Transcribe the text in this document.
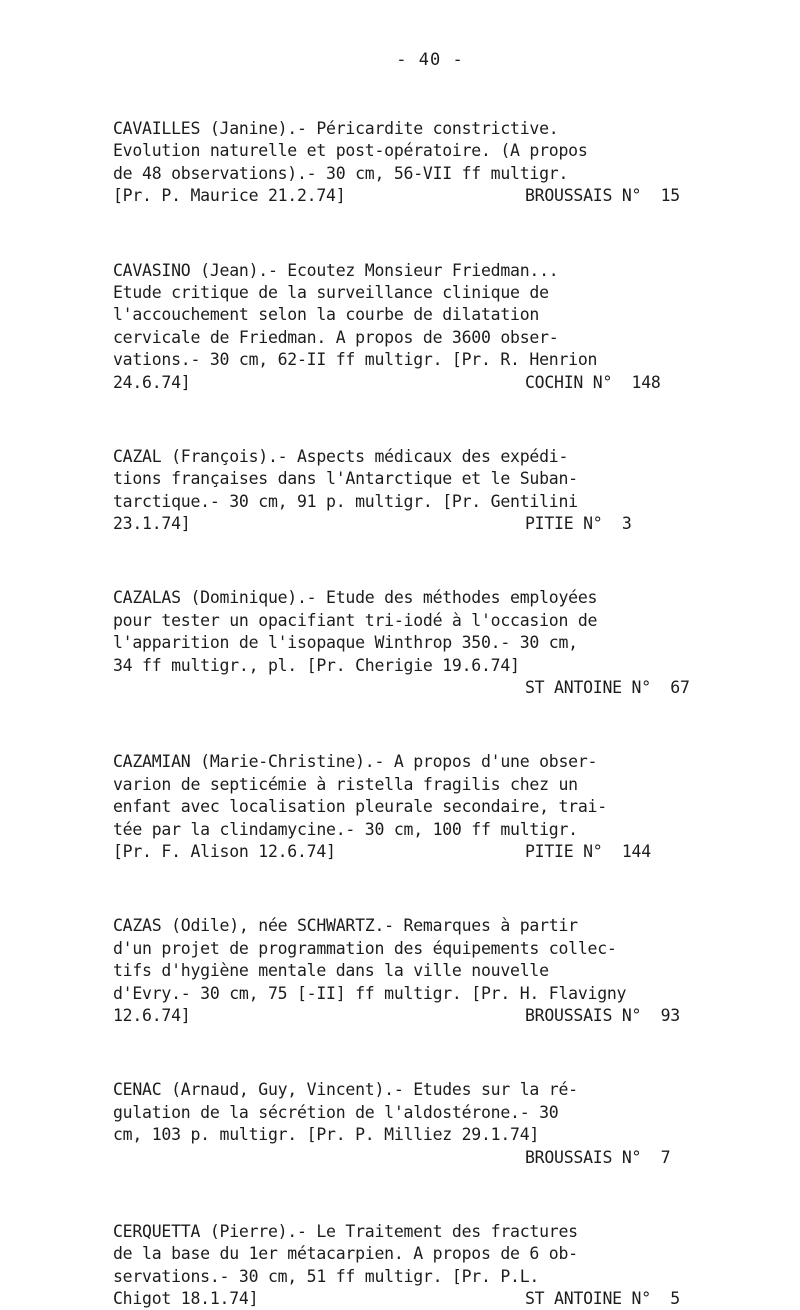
- 40 -
CAVAILLES (Janine).- Péricardite constrictive.
Evolution naturelle et post-opératoire. (A propos
de 48 observations).- 30 cm, 56-VII ff multigr.
[Pr. P. Maurice 21.2.74]	BROUSSAIS N°  15
CAVASINO (Jean).- Ecoutez Monsieur Friedman...
Etude critique de la surveillance clinique de
l'accouchement selon la courbe de dilatation
cervicale de Friedman. A propos de 3600 obser-
vations.- 30 cm, 62-II ff multigr. [Pr. R. Henrion
24.6.74]	COCHIN N°  148
CAZAL (François).- Aspects médicaux des expédi-
tions françaises dans l'Antarctique et le Suban-
tarctique.- 30 cm, 91 p. multigr. [Pr. Gentilini
23.1.74]	PITIE N°  3
CAZALAS (Dominique).- Etude des méthodes employées
pour tester un opacifiant tri-iodé à l'occasion de
l'apparition de l'isopaque Winthrop 350.- 30 cm,
34 ff multigr., pl. [Pr. Cherigie 19.6.74]
ST ANTOINE N°  67
CAZAMIAN (Marie-Christine).- A propos d'une obser-
varion de septicémie à ristella fragilis chez un
enfant avec localisation pleurale secondaire, trai-
tée par la clindamycine.- 30 cm, 100 ff multigr.
[Pr. F. Alison 12.6.74]	PITIE N°  144
CAZAS (Odile), née SCHWARTZ.- Remarques à partir
d'un projet de programmation des équipements collec-
tifs d'hygiène mentale dans la ville nouvelle
d'Evry.- 30 cm, 75 [-II] ff multigr. [Pr. H. Flavigny
12.6.74]	BROUSSAIS N°  93
CENAC (Arnaud, Guy, Vincent).- Etudes sur la ré-
gulation de la sécrétion de l'aldostérone.- 30
cm, 103 p. multigr. [Pr. P. Milliez 29.1.74]
BROUSSAIS N°  7
CERQUETTA (Pierre).- Le Traitement des fractures
de la base du 1er métacarpien. A propos de 6 ob-
servations.- 30 cm, 51 ff multigr. [Pr. P.L.
Chigot 18.1.74]	ST ANTOINE N°  5
